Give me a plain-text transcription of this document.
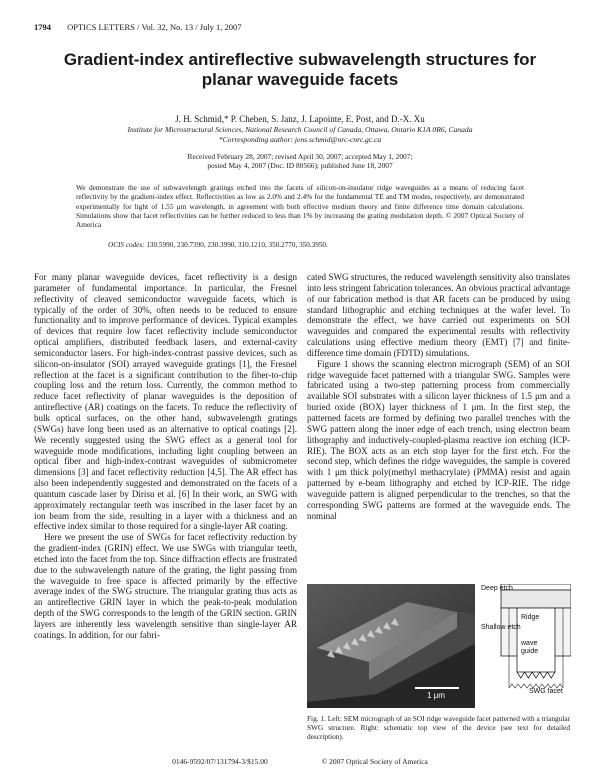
1794 OPTICS LETTERS / Vol. 32, No. 13 / July 1, 2007
Gradient-index antireflective subwavelength structures for planar waveguide facets
J. H. Schmid,* P. Cheben, S. Janz, J. Lapointe, E. Post, and D.-X. Xu
Institute for Microstructural Sciences, National Research Council of Canada, Ottawa, Ontario K1A 0R6, Canada
*Corresponding author: jens.schmid@nrc-cnrc.gc.ca
Received February 28, 2007; revised April 30, 2007; accepted May 1, 2007;
posted May 4, 2007 (Doc. ID 80566); published June 18, 2007
We demonstrate the use of subwavelength gratings etched into the facets of silicon-on-insulator ridge waveguides as a means of reducing facet reflectivity by the gradient-index effect. Reflectivities as low as 2.0% and 2.4% for the fundamental TE and TM modes, respectively, are demonstrated experimentally for light of 1.55 μm wavelength, in agreement with both effective medium theory and finite difference time domain calculations. Simulations show that facet reflectivities can be further reduced to less than 1% by increasing the grating modulation depth. © 2007 Optical Society of America
OCIS codes: 130.5990, 230.7390, 230.3990, 310.1210, 350.2770, 350.3950.

For many planar waveguide devices, facet reflectivity is a design parameter of fundamental importance. In particular, the Fresnel reflectivity of cleaved semiconductor waveguide facets, which is typically of the order of 30%, often needs to be reduced to ensure functionality and to improve performance of devices. Typical examples of devices that require low facet reflectivity include semiconductor optical amplifiers, distributed feedback lasers, and external-cavity semiconductor lasers. For high-index-contrast passive devices, such as silicon-on-insulator (SOI) arrayed waveguide gratings [1], the Fresnel reflection at the facet is a significant contribution to the fiber-to-chip coupling loss and the return loss. Currently, the common method to reduce facet reflectivity of planar waveguides is the deposition of antireflective (AR) coatings on the facets. To reduce the reflectivity of bulk optical surfaces, on the other hand, subwavelength gratings (SWGs) have long been used as an alternative to optical coatings [2]. We recently suggested using the SWG effect as a general tool for waveguide mode modifications, including light coupling between an optical fiber and high-index-contrast waveguides of submicrometer dimensions [3] and facet reflectivity reduction [4,5]. The AR effect has also been independently suggested and demonstrated on the facets of a quantum cascade laser by Dirisu et al. [6] In their work, an SWG with approximately rectangular teeth was inscribed in the laser facet by an ion beam from the side, resulting in a layer with a thickness and an effective index similar to those required for a single-layer AR coating.

Here we present the use of SWGs for facet reflectivity reduction by the gradient-index (GRIN) effect. We use SWGs with triangular teeth, etched into the facet from the top. Since diffraction effects are frustrated due to the subwavelength nature of the grating, the light passing from the waveguide to free space is affected primarily by the effective average index of the SWG structure. The triangular grating thus acts as an antireflective GRIN layer in which the peak-to-peak modulation depth of the SWG corresponds to the length of the GRIN section. GRIN layers are inherently less wavelength sensitive than single-layer AR coatings. In addition, for our fabri-

cated SWG structures, the reduced wavelength sensitivity also translates into less stringent fabrication tolerances. An obvious practical advantage of our fabrication method is that AR facets can be produced by using standard lithographic and etching techniques at the wafer level. To demonstrate the effect, we have carried out experiments on SOI waveguides and compared the experimental results with reflectivity calculations using effective medium theory (EMT) [7] and finite-difference time domain (FDTD) simulations.

Figure 1 shows the scanning electron micrograph (SEM) of an SOI ridge waveguide facet patterned with a triangular SWG. Samples were fabricated using a two-step patterning process from commercially available SOI substrates with a silicon layer thickness of 1.5 μm and a buried oxide (BOX) layer thickness of 1 μm. In the first step, the patterned facets are formed by defining two parallel trenches with the SWG pattern along the inner edge of each trench, using electron beam lithography and inductively-coupled-plasma reactive ion etching (ICP-RIE). The BOX acts as an etch stop layer for the first etch. For the second step, which defines the ridge waveguides, the sample is covered with 1 μm thick poly(methyl methacrylate) (PMMA) resist and again patterned by e-beam lithography and etched by ICP-RIE. The ridge waveguide pattern is aligned perpendicular to the trenches, so that the corresponding SWG patterns are formed at the waveguide ends. The nominal

1 μm
Deep etch
Shallow etch
Ridge
wave guide
SWG facet
Fig. 1. Left: SEM micrograph of an SOI ridge waveguide facet patterned with a triangular SWG structure. Right: schematic top view of the device (see text for detailed description).
0146-9592/07/131794-3/$15.00	© 2007 Optical Society of America
